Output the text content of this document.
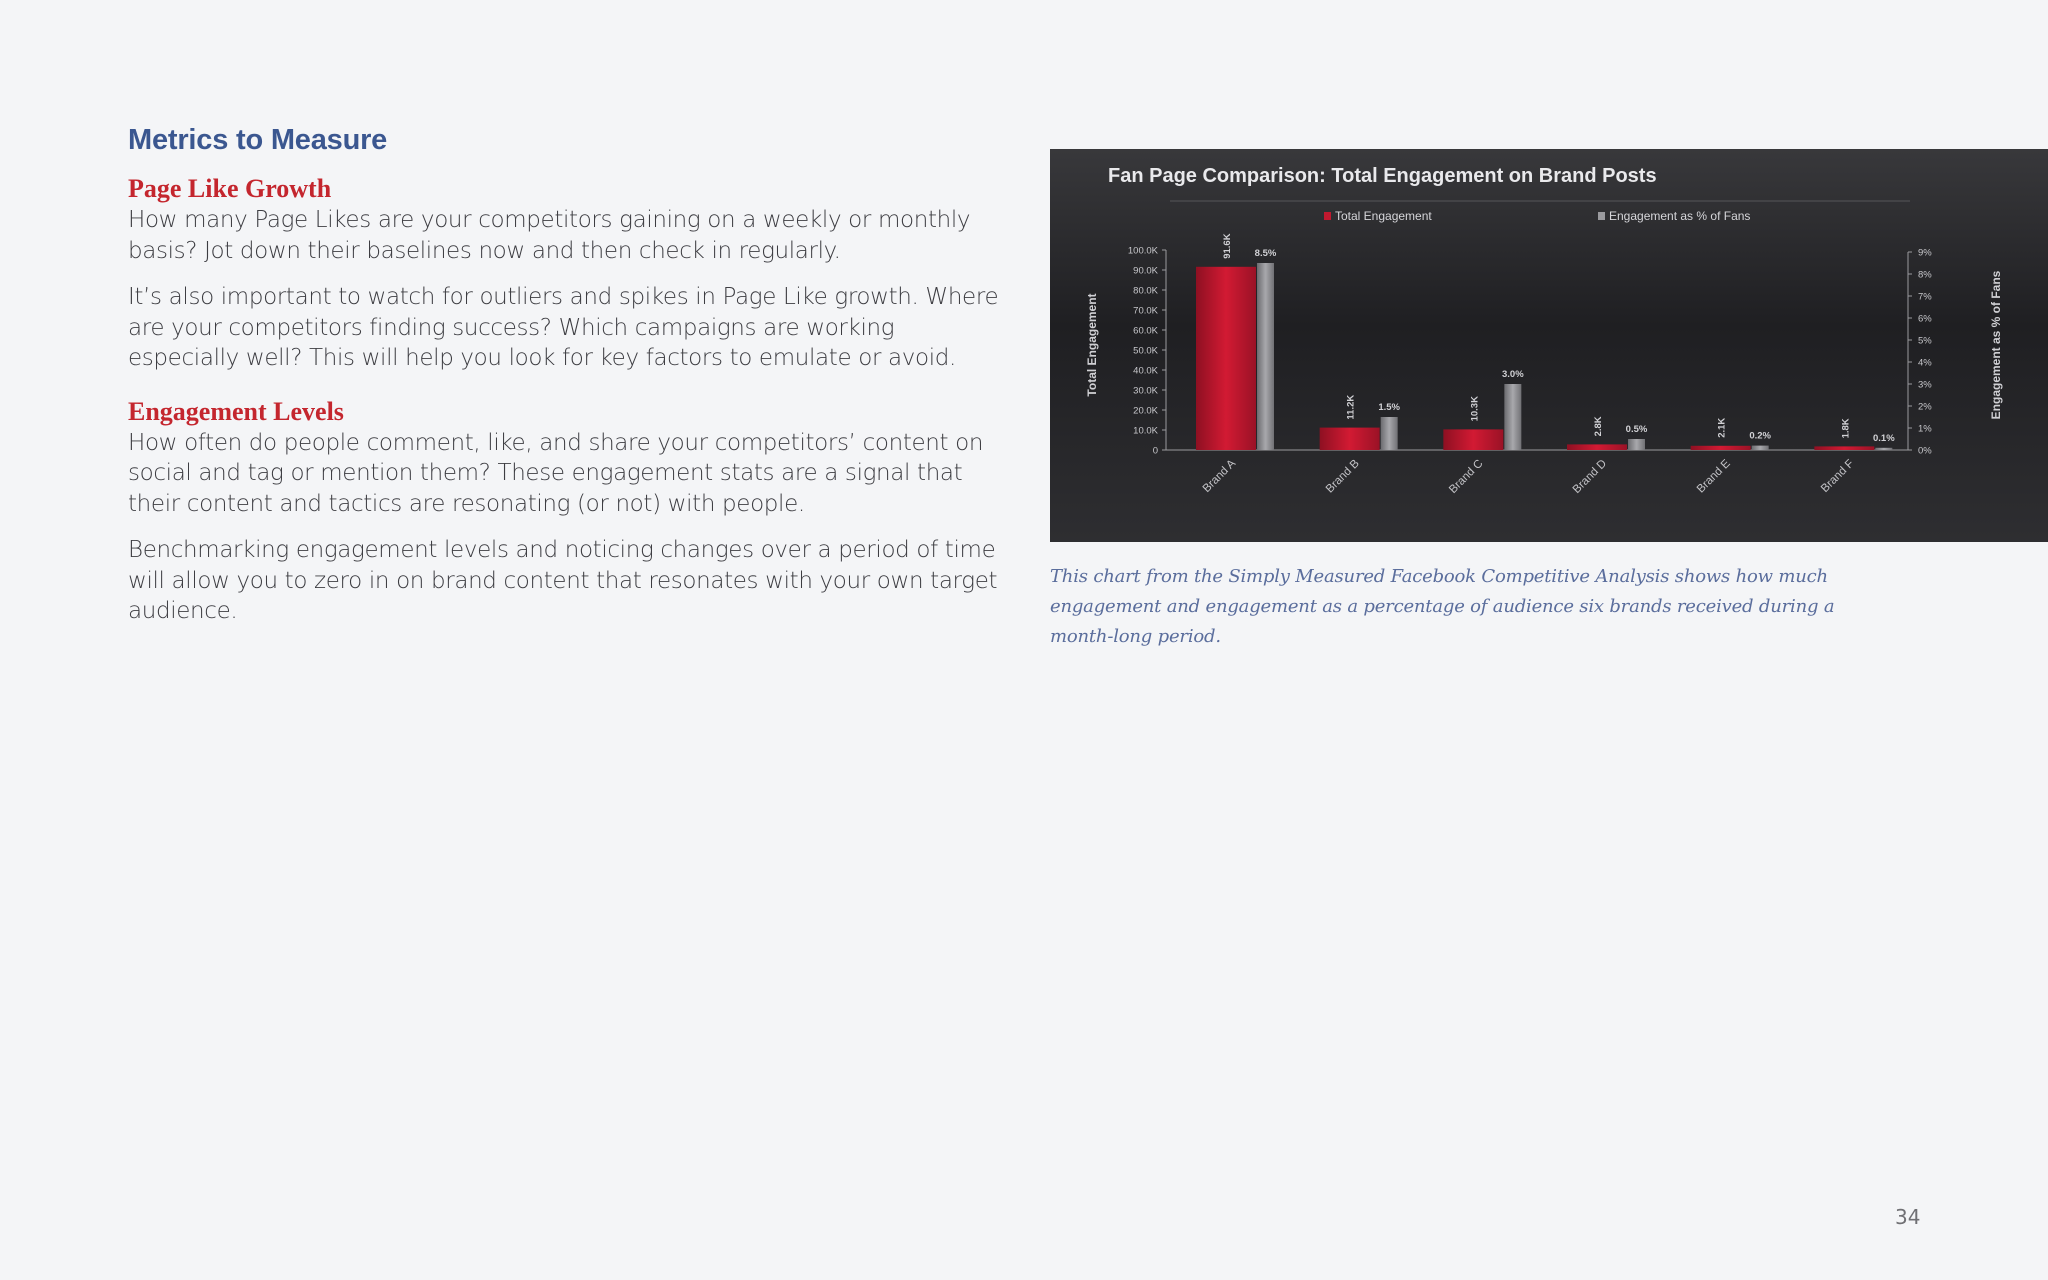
Metrics to Measure
Page Like Growth

How many Page Likes are your competitors gaining on a weekly or monthly basis? Jot down their baselines now and then check in regularly.

It’s also important to watch for outliers and spikes in Page Like growth. Where are your competitors finding success? Which campaigns are working especially well? This will help you look for key factors to emulate or avoid.

Engagement Levels

How often do people comment, like, and share your competitors’ content on social and tag or mention them? These engagement stats are a signal that their content and tactics are resonating (or not) with people.

Benchmarking engagement levels and noticing changes over a period of time will allow you to zero in on brand content that resonates with your own target audience.

Fan Page Comparison: Total Engagement on Brand Posts
0
10.0K
20.0K
30.0K
40.0K
50.0K
60.0K
70.0K
80.0K
90.0K
100.0K
0%
1%
2%
3%
4%
5%
6%
7%
8%
9%
Total Engagement	Engagement as % of Fans
Total Engagement	Engagement as % of Fans
91.6K 8.5%
Brand A
11.2K 1.5%
Brand B
10.3K
3.0%
Brand C
2.8K 0.5%
Brand D
2.1K 0.2%
Brand E
1.8K 0.1%
Brand F
This chart from the Simply Measured Facebook Competitive Analysis shows how much engagement and engagement as a percentage of audience six brands received during a month-long period.
34
